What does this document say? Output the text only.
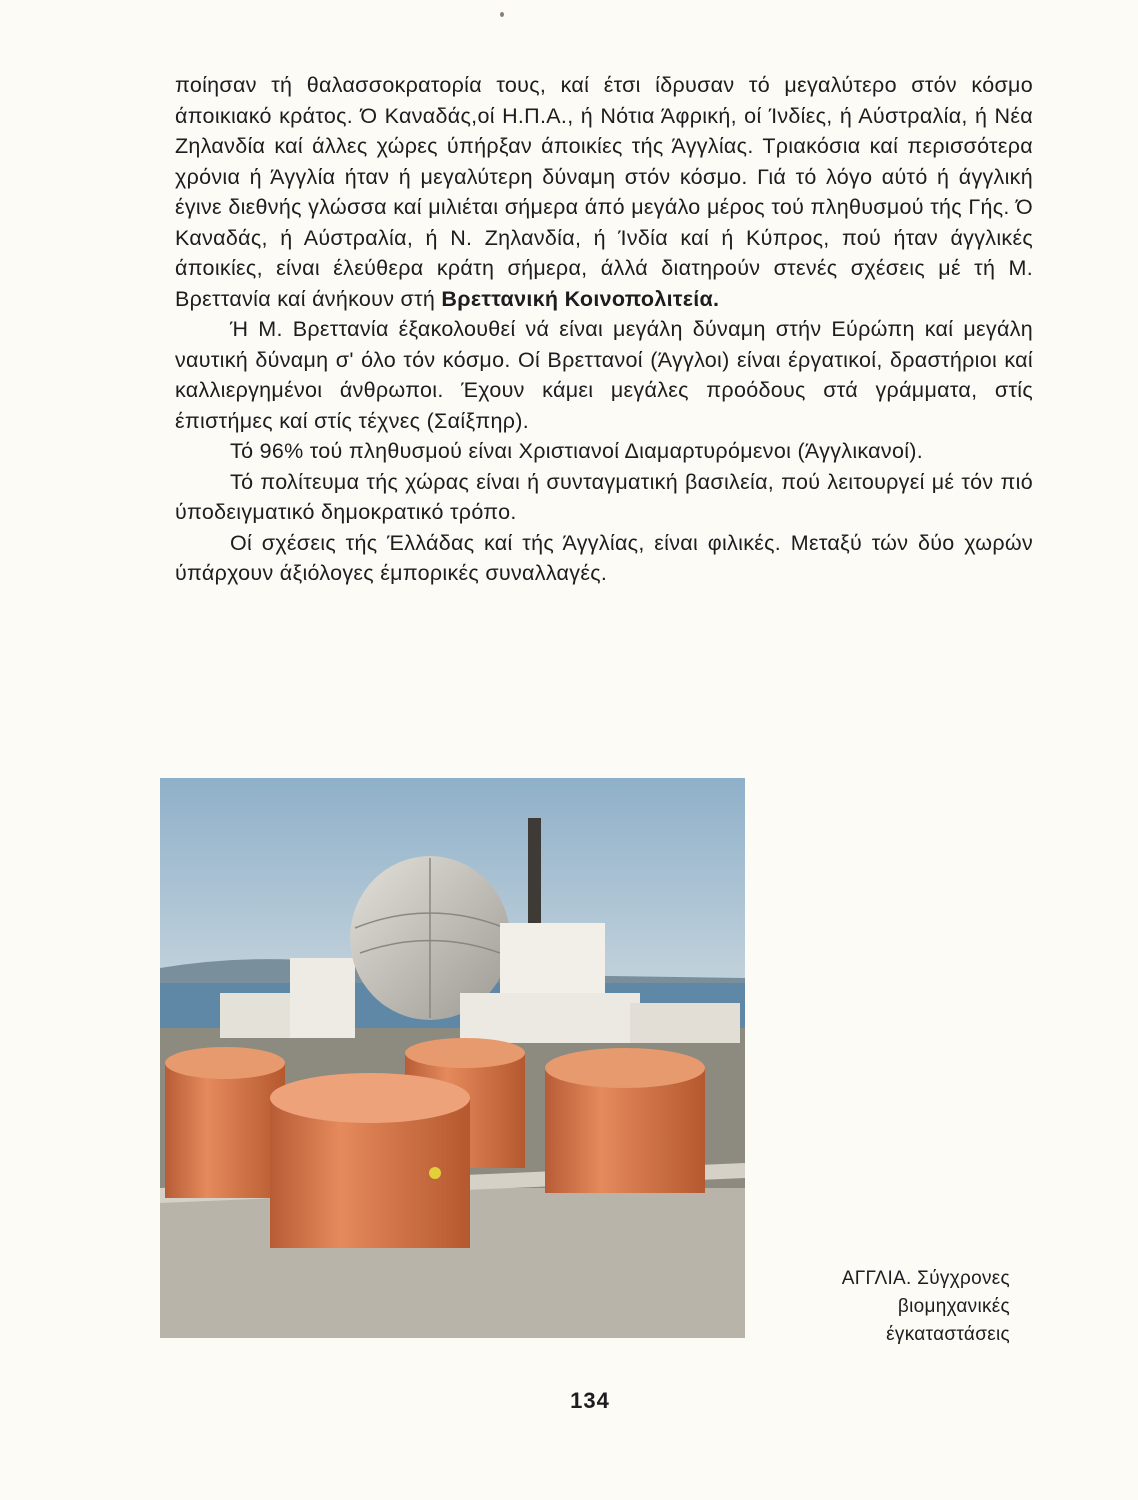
ποίησαν τή θαλασσοκρατορία τους, καί έτσι ίδρυσαν τό μεγαλύτερο στόν κόσμο άποικιακό κράτος. Ό Καναδάς,οί Η.Π.Α., ή Νότια Άφρική, οί Ίνδίες, ή Αύστραλία, ή Νέα Ζηλανδία καί άλλες χώρες ύπήρξαν άποικίες τής Άγγλίας. Τριακόσια καί περισσότερα χρόνια ή Άγγλία ήταν ή μεγαλύτερη δύναμη στόν κόσμο. Γιά τό λόγο αύτό ή άγγλική έγινε διεθνής γλώσσα καί μιλιέται σήμερα άπό μεγάλο μέρος τού πληθυσμού τής Γής. Ό Καναδάς, ή Αύστραλία, ή Ν. Ζηλανδία, ή Ίνδία καί ή Κύπρος, πού ήταν άγγλικές άποικίες, είναι έλεύθερα κράτη σήμερα, άλλά διατηρούν στενές σχέσεις μέ τή Μ. Βρεττανία καί άνήκουν στή Βρεττανική Κοινοπολιτεία.

Ή Μ. Βρεττανία έξακολουθεί νά είναι μεγάλη δύναμη στήν Εύρώπη καί μεγάλη ναυτική δύναμη σ' όλο τόν κόσμο. Οί Βρεττανοί (Άγγλοι) είναι έργατικοί, δραστήριοι καί καλλιεργημένοι άνθρωποι. Έχουν κάμει μεγάλες προόδους στά γράμματα, στίς έπιστήμες καί στίς τέχνες (Σαίξπηρ).

Τό 96% τού πληθυσμού είναι Χριστιανοί Διαμαρτυρόμενοι (Άγγλικανοί).

Τό πολίτευμα τής χώρας είναι ή συνταγματική βασιλεία, πού λειτουργεί μέ τόν πιό ύποδειγματικό δημοκρατικό τρόπο.

Οί σχέσεις τής Έλλάδας καί τής Άγγλίας, είναι φιλικές. Μεταξύ τών δύο χωρών ύπάρχουν άξιόλογες έμπορικές συναλλαγές.

ΑΓΓΛΙΑ. Σύγχρονες
βιομηχανικές
έγκαταστάσεις
134
